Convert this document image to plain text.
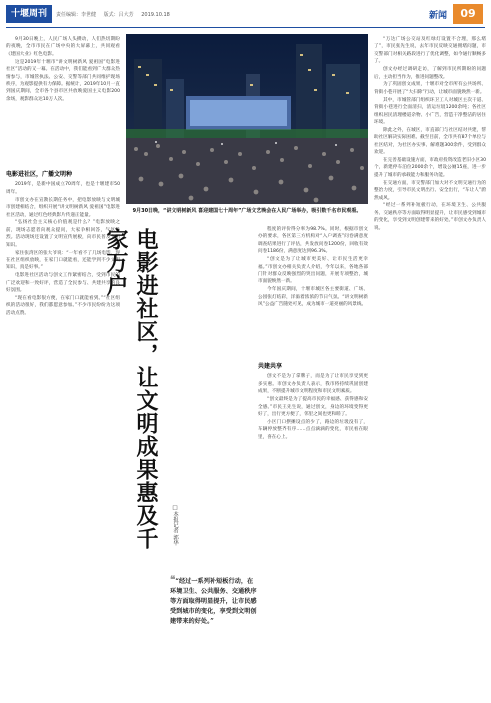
十堰周刊	责任编辑：李世健 版式：吕大芳 2019.10.18	新闻	09

9月30日晚上，人民广场人头攒动，人们热切期盼的夜晚，全市市民在广场中央的大屏幕上，共同观看《建国大业》红色电影。

这是2019年十堰市“讲文明树新风 爱祖国”电影进社区”活动的又一幕。在活动中，我们能看到广大群众热情参与，市城管执法、公安、交警等部门共同维护现场秩序，为观影提供有力保障。据统计，2019年10月一直到国庆期间，全市各个县市区共放映爱国主义电影200余场，观影群众达10万人次。

电影进社区，广播文明种

2019年，是新中国成立70周年，也是十堰建市50周年。

市创文办在宣教长期任务中，把电影放映与文明城市创建相结合，组织开展“讲文明树新风 爱祖国”电影进社区活动，通过红色经典影片传递正能量。

“弘扬社会主义核心价值观是什么？”电影放映之前，现场志愿者向观众提问，大家争相回答，气氛热烈。活动现场还设置了文明宣传展板，向市民普及文明知识。

家住张湾区的张大爷说：“一年看不了几场电影，现在社区组织放映，在家门口就能看，还能学到不少文明知识，真是好事。”

电影进社区活动与创文工作紧密结合，受到市民的广泛欢迎和一致好评，营造了全民参与、共建共享的良好氛围。

“现在看电影很方便，在家门口就能看到。”“社区组织的活动很好，我们都愿意参加。”不少市民纷纷为这项活动点赞。

9月30日晚，“讲文明树新风 喜迎建国七十周年”广场文艺晚会在人民广场举办，吸引数千名市民观看。
电影进社区，让文明成果惠及千家万户
□本报记者 郭华

程度的评价得分率为98.7%。同时，根据市创文办的要求，各区第三方机构对“入户调查”问卷满意度调查结果进行了评估，共发放问卷1200份，回收有效问卷1186份，满意度达到96.3%。

“创文是为了让城市更美好、让市民生活更幸福。”市创文办相关负责人介绍，今年以来，各地各部门针对群众反映强烈的突出问题，开展专项整治，城市面貌焕然一新。

今年国庆期间，十堰市城区各主要街道、广场、公园张灯结彩，洋溢着浓浓的节日气氛。“讲文明树新风”公益广告随处可见，成为城市一道亮丽的风景线。

共建共享

创文不是为了拿牌子，而是为了让市民享受到更多实惠。市创文办负责人表示，我市将持续巩固创建成果，不断提升城市文明程度和市民文明素质。

“创文最终是为了提高市民的幸福感、获得感和安全感。”市民王先生说，通过创文，身边的环境变得更好了，出行更方便了，邻里之间也更和睦了。

小区门口摆摊设点的少了，路边的垃圾没有了，车辆停放整齐有序……点点滴滴的变化，市民看在眼里，喜在心上。

❝“经过一系列补短板行动，在环境卫生、公共服务、交通秩序等方面取得明显提升，让市民感受到城市的变化，享受到文明创建带来的好处。”

“万达广场公交站及红绿灯设置不合理，那么堵了”，市民张先生说，去年市民反映交通拥堵问题，市交警部门对相关路段进行了优化调整，如今通行顺畅多了。

创文办经过调研走访，了解到市民所期盼的问题后，主动担当作为，推进问题整改。

为了巩固创文成果，十堰市对全市所有公共场所、背街小巷开展了“大扫除”行动，让城市面貌焕然一新。

其中，市城管部门组织环卫工人对城区主次干道、背街小巷进行全面清扫，清运垃圾1200余吨；各社区组织居民清理楼道杂物、小广告，营造干净整洁的居住环境。

除此之外，在城区，市直部门与社区结对共建，帮助社区解决实际困难。截至目前，全市共有87个单位与社区结对，为社区办实事、解难题300余件，受到群众欢迎。

在完善基础设施方面，市政府投资改造老旧小区30个，新建停车泊位2000余个，增设公厕15座，进一步提升了城市的承载能力和服务功能。

在交通方面，市交警部门加大对不文明交通行为的整治力度，引导市民文明出行、安全出行，“车让人”蔚然成风。

“经过一系列补短板行动，在环境卫生、公共服务、交通秩序等方面取得明显提升，让市民感受到城市的变化，享受到文明创建带来的好处。”市创文办负责人说。
